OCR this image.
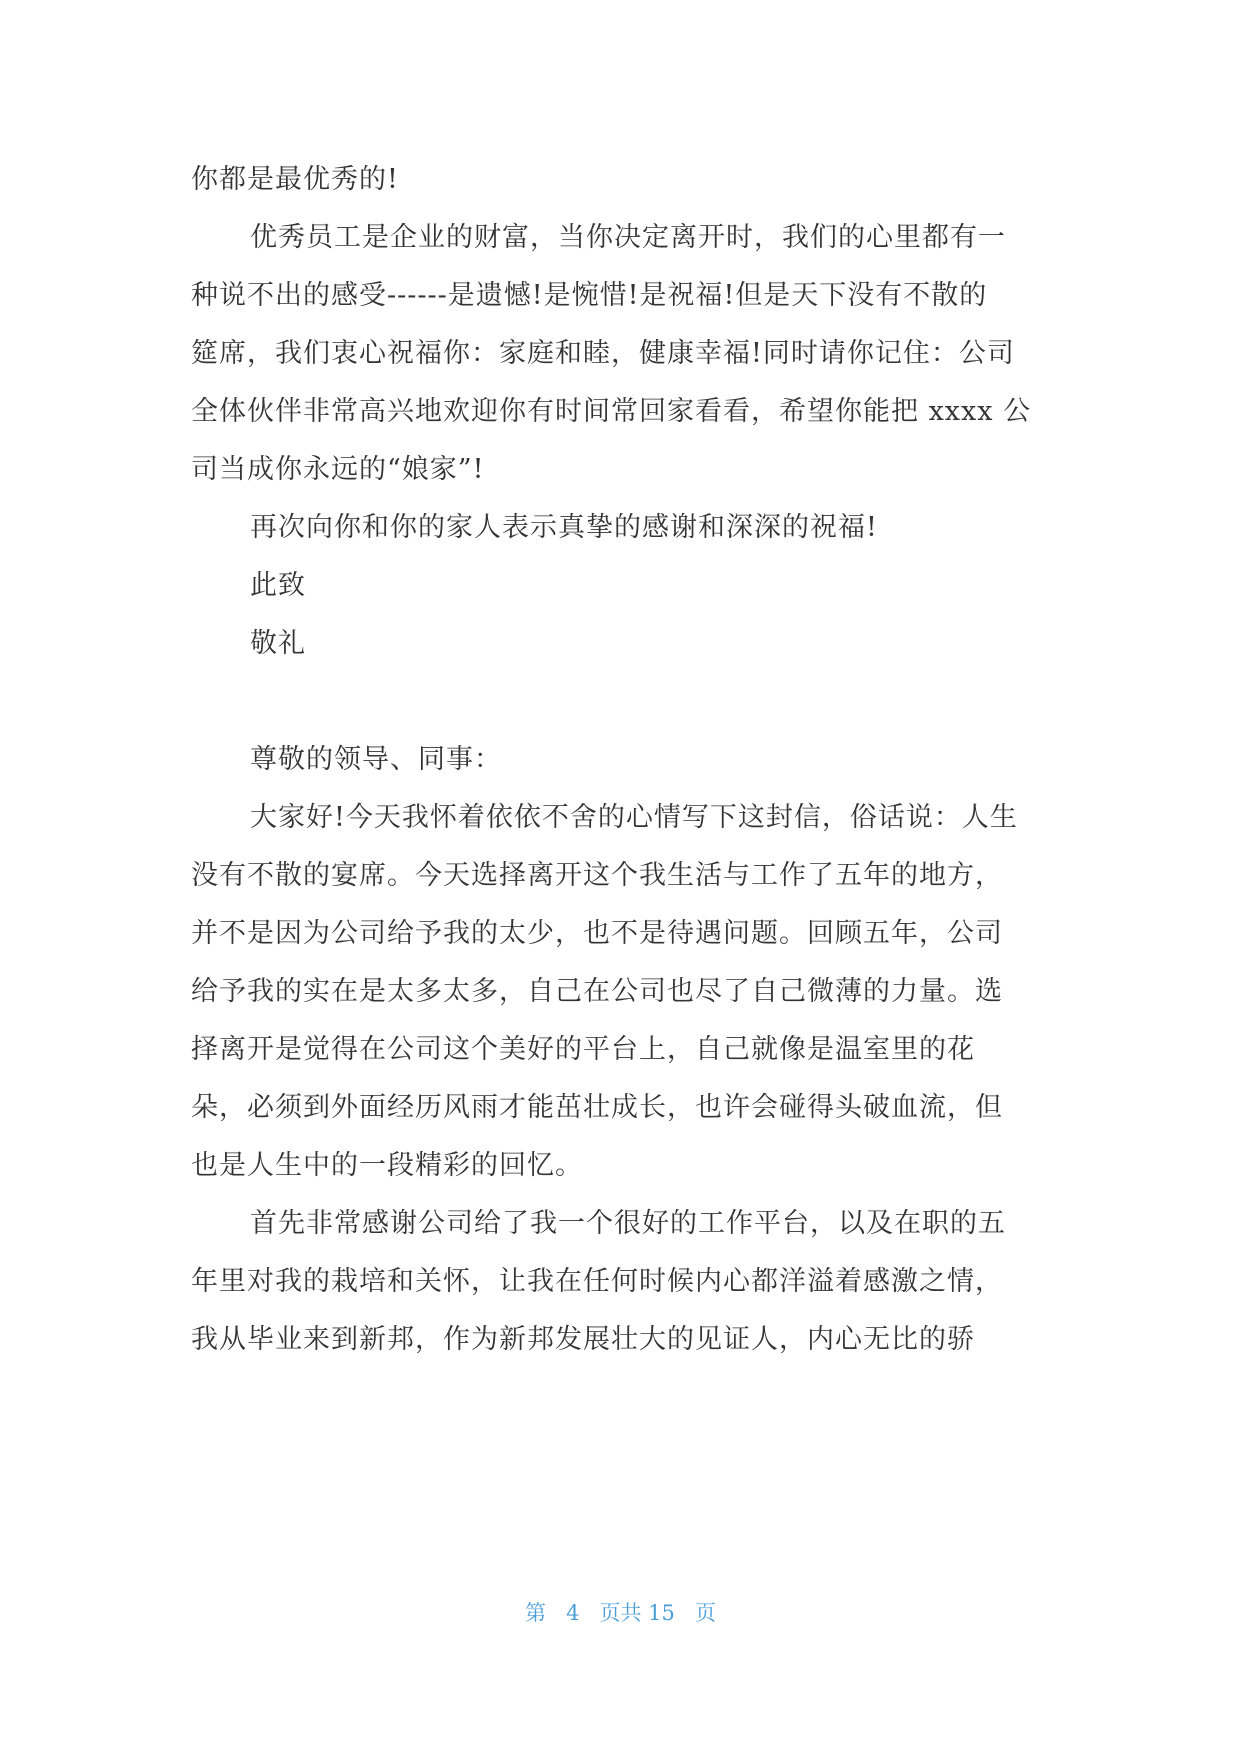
你都是最优秀的!
优秀员工是企业的财富，当你决定离开时，我们的心里都有一
种说不出的感受------是遗憾!是惋惜!是祝福!但是天下没有不散的
筵席，我们衷心祝福你：家庭和睦，健康幸福!同时请你记住：公司
全体伙伴非常高兴地欢迎你有时间常回家看看，希望你能把 xxxx 公
司当成你永远的“娘家”!
再次向你和你的家人表示真挚的感谢和深深的祝福!
此致
敬礼
尊敬的领导、同事：
大家好!今天我怀着依依不舍的心情写下这封信，俗话说：人生
没有不散的宴席。今天选择离开这个我生活与工作了五年的地方，
并不是因为公司给予我的太少，也不是待遇问题。回顾五年，公司
给予我的实在是太多太多，自己在公司也尽了自己微薄的力量。选
择离开是觉得在公司这个美好的平台上，自己就像是温室里的花
朵，必须到外面经历风雨才能茁壮成长，也许会碰得头破血流，但
也是人生中的一段精彩的回忆。
首先非常感谢公司给了我一个很好的工作平台，以及在职的五
年里对我的栽培和关怀，让我在任何时候内心都洋溢着感激之情，
我从毕业来到新邦，作为新邦发展壮大的见证人，内心无比的骄
第 4 页共 15 页
